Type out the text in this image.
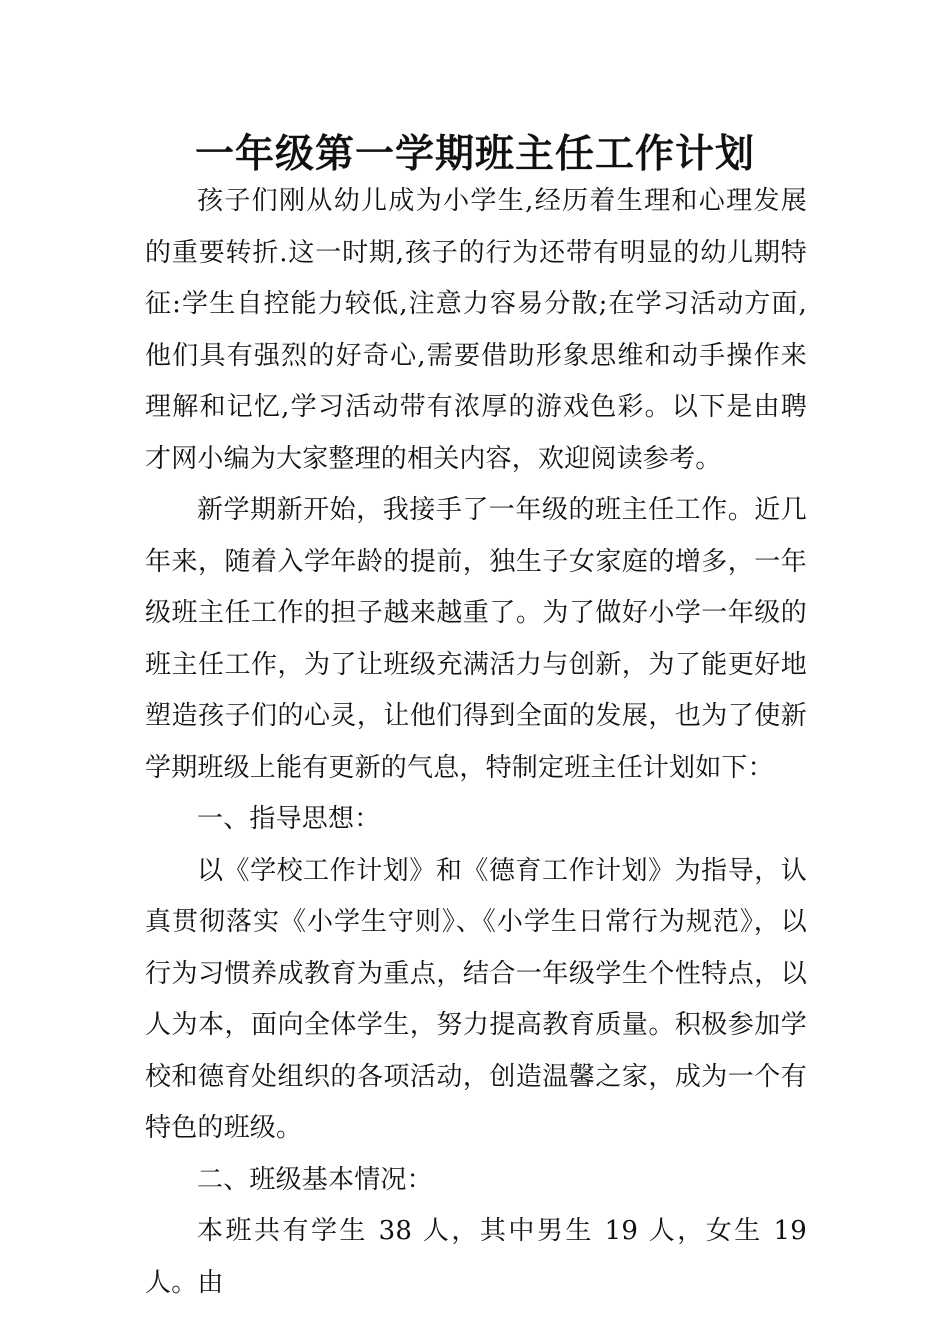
一年级第一学期班主任工作计划

孩子们刚从幼儿成为小学生,经历着生理和心理发展的重要转折.这一时期,孩子的行为还带有明显的幼儿期特征:学生自控能力较低,注意力容易分散;在学习活动方面,他们具有强烈的好奇心,需要借助形象思维和动手操作来理解和记忆,学习活动带有浓厚的游戏色彩。以下是由聘才网小编为大家整理的相关内容，欢迎阅读参考。

新学期新开始，我接手了一年级的班主任工作。近几年来，随着入学年龄的提前，独生子女家庭的增多，一年级班主任工作的担子越来越重了。为了做好小学一年级的班主任工作，为了让班级充满活力与创新，为了能更好地塑造孩子们的心灵，让他们得到全面的发展，也为了使新学期班级上能有更新的气息，特制定班主任计划如下：

一、指导思想：

以《学校工作计划》和《德育工作计划》为指导，认真贯彻落实《小学生守则》、《小学生日常行为规范》，以行为习惯养成教育为重点，结合一年级学生个性特点，以人为本，面向全体学生，努力提高教育质量。积极参加学校和德育处组织的各项活动，创造温馨之家，成为一个有特色的班级。

二、班级基本情况：

本班共有学生 38 人，其中男生 19 人，女生 19 人。由
